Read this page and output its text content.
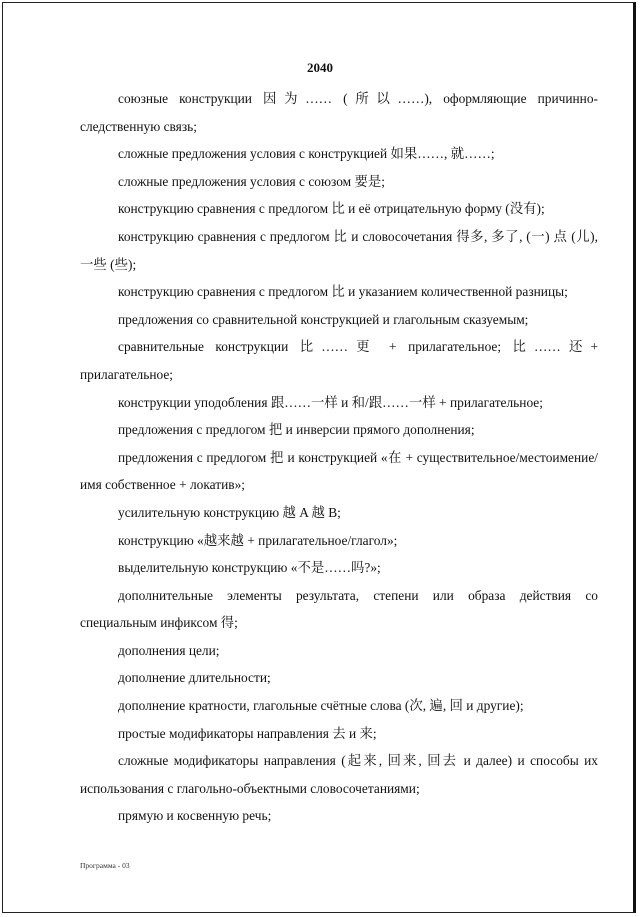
2040

союзные конструкции 因为…… (所以……), оформляющие причинно-следственную связь;

сложные предложения условия с конструкцией 如果……, 就……;

сложные предложения условия с союзом 要是;

конструкцию сравнения с предлогом 比 и её отрицательную форму (没有);

конструкцию сравнения с предлогом 比 и словосочетания 得多, 多了, (一) 点 (儿), 一些 (些);

конструкцию сравнения с предлогом 比 и указанием количественной разницы;

предложения со сравнительной конструкцией и глагольным сказуемым;

сравнительные конструкции 比……更 + прилагательное; 比……还+ прилагательное;

конструкции уподобления 跟……一样 и 和/跟……一样 + прилагательное;

предложения с предлогом 把 и инверсии прямого дополнения;

предложения с предлогом 把 и конструкцией «在 + существительное/местоимение/имя собственное + локатив»;

усилительную конструкцию 越 A 越 B;

конструкцию «越来越 + прилагательное/глагол»;

выделительную конструкцию «不是……吗?»;

дополнительные элементы результата, степени или образа действия со специальным инфиксом 得;

дополнения цели;

дополнение длительности;

дополнение кратности, глагольные счётные слова (次, 遍, 回 и другие);

простые модификаторы направления 去 и 来;

сложные модификаторы направления (起来, 回来, 回去 и далее) и способы их использования с глагольно-объектными словосочетаниями;

прямую и косвенную речь;

Программа - 03
